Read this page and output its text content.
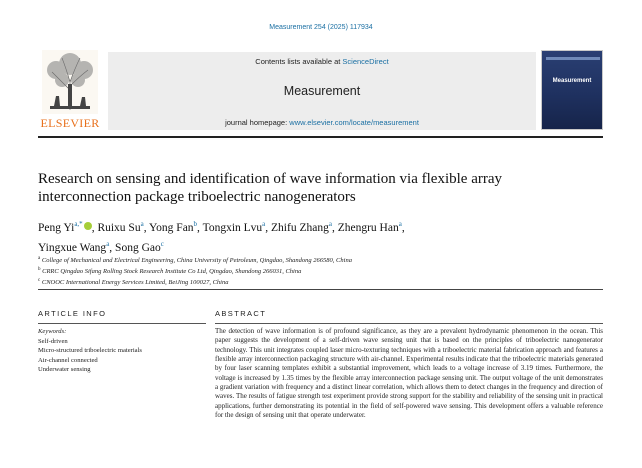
Measurement 254 (2025) 117934
ELSEVIER
Contents lists available at ScienceDirect
Measurement
journal homepage: www.elsevier.com/locate/measurement
Measurement
Research on sensing and identification of wave information via flexible array interconnection package triboelectric nanogenerators
Peng $Yi^{a,*}$ , Ruixu Su$^a$, Yong Fan$^b$, Tongxin Lvu$^a$, Zhifu Zhang$^a$, Zhengru Han$^a$,
Yingxue Wang$^a$, Song Gao$^c$
$^a$ College of Mechanical and Electrical Engineering, China University of Petroleum, Qingdao, Shandong 266580, China
$^b$ CRRC Qingdao Sifang Rolling Stock Research Institute Co Ltd, Qingdao, Shandong 266031, China
$^c$ CNOOC International Energy Services Limited, BeiJing 100027, China
ARTICLE INFO	ABSTRACT
Keywords:
Self-driven
Micro-structured triboelectric materials
Air-channel connected
Underwater sensing
The detection of wave information is of profound significance, as they are a prevalent hydrodynamic phenomenon in the ocean. This paper suggests the development of a self-driven wave sensing unit that is based on the principles of triboelectric nanogenerator technology. This unit integrates coupled laser micro-texturing techniques with a triboelectric material fabrication approach and features a flexible array interconnection packaging structure with air-channel. Experimental results indicate that the triboelectric materials generated by four laser scanning templates exhibit a substantial improvement, which leads to a voltage increase of 3.19 times. Furthermore, the voltage is increased by 1.35 times by the flexible array interconnection package sensing unit. The output voltage of the unit demonstrates a gradient variation with frequency and a distinct linear correlation, which allows them to detect changes in the frequency and direction of waves. The results of fatigue strength test experiment provide strong support for the stability and reliability of the sensing unit in practical applications, further demonstrating its potential in the field of self-powered wave sensing. This development offers a valuable reference for the design of sensing unit that operate underwater.
